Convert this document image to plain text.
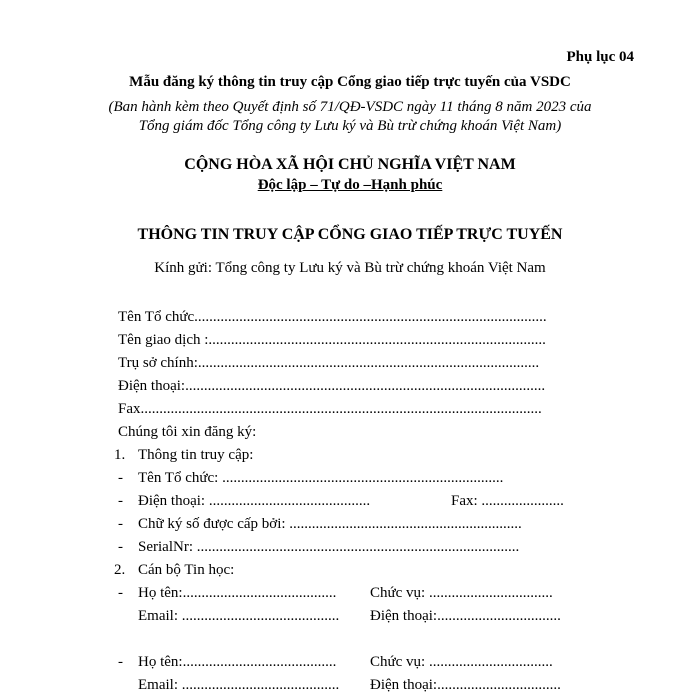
Phụ lục 04
Mẫu đăng ký thông tin truy cập Cổng giao tiếp trực tuyến của VSDC
(Ban hành kèm theo Quyết định số 71/QĐ-VSDC ngày 11 tháng 8 năm 2023 của
Tổng giám đốc Tổng công ty Lưu ký và Bù trừ chứng khoán Việt Nam)
CỘNG HÒA XÃ HỘI CHỦ NGHĨA VIỆT NAM
Độc lập – Tự do –Hạnh phúc
THÔNG TIN TRUY CẬP CỔNG GIAO TIẾP TRỰC TUYẾN
Kính gửi: Tổng công ty Lưu ký và Bù trừ chứng khoán Việt Nam
Tên Tổ chức..............................................................................................
Tên giao dịch :..........................................................................................
Trụ sở chính:...........................................................................................
Điện thoại:................................................................................................
Fax...........................................................................................................
Chúng tôi xin đăng ký:
1. Thông tin truy cập:
- Tên Tổ chức: ...........................................................................
- Điện thoại: ...........................................	Fax: ......................
- Chữ ký số được cấp bởi: ..............................................................
- SerialNr: ......................................................................................
2. Cán bộ Tin học:
- Họ tên:......................................... Chức vụ: .................................
Email: .......................................... Điện thoại:.................................
- Họ tên:......................................... Chức vụ: .................................
Email: .......................................... Điện thoại:.................................
